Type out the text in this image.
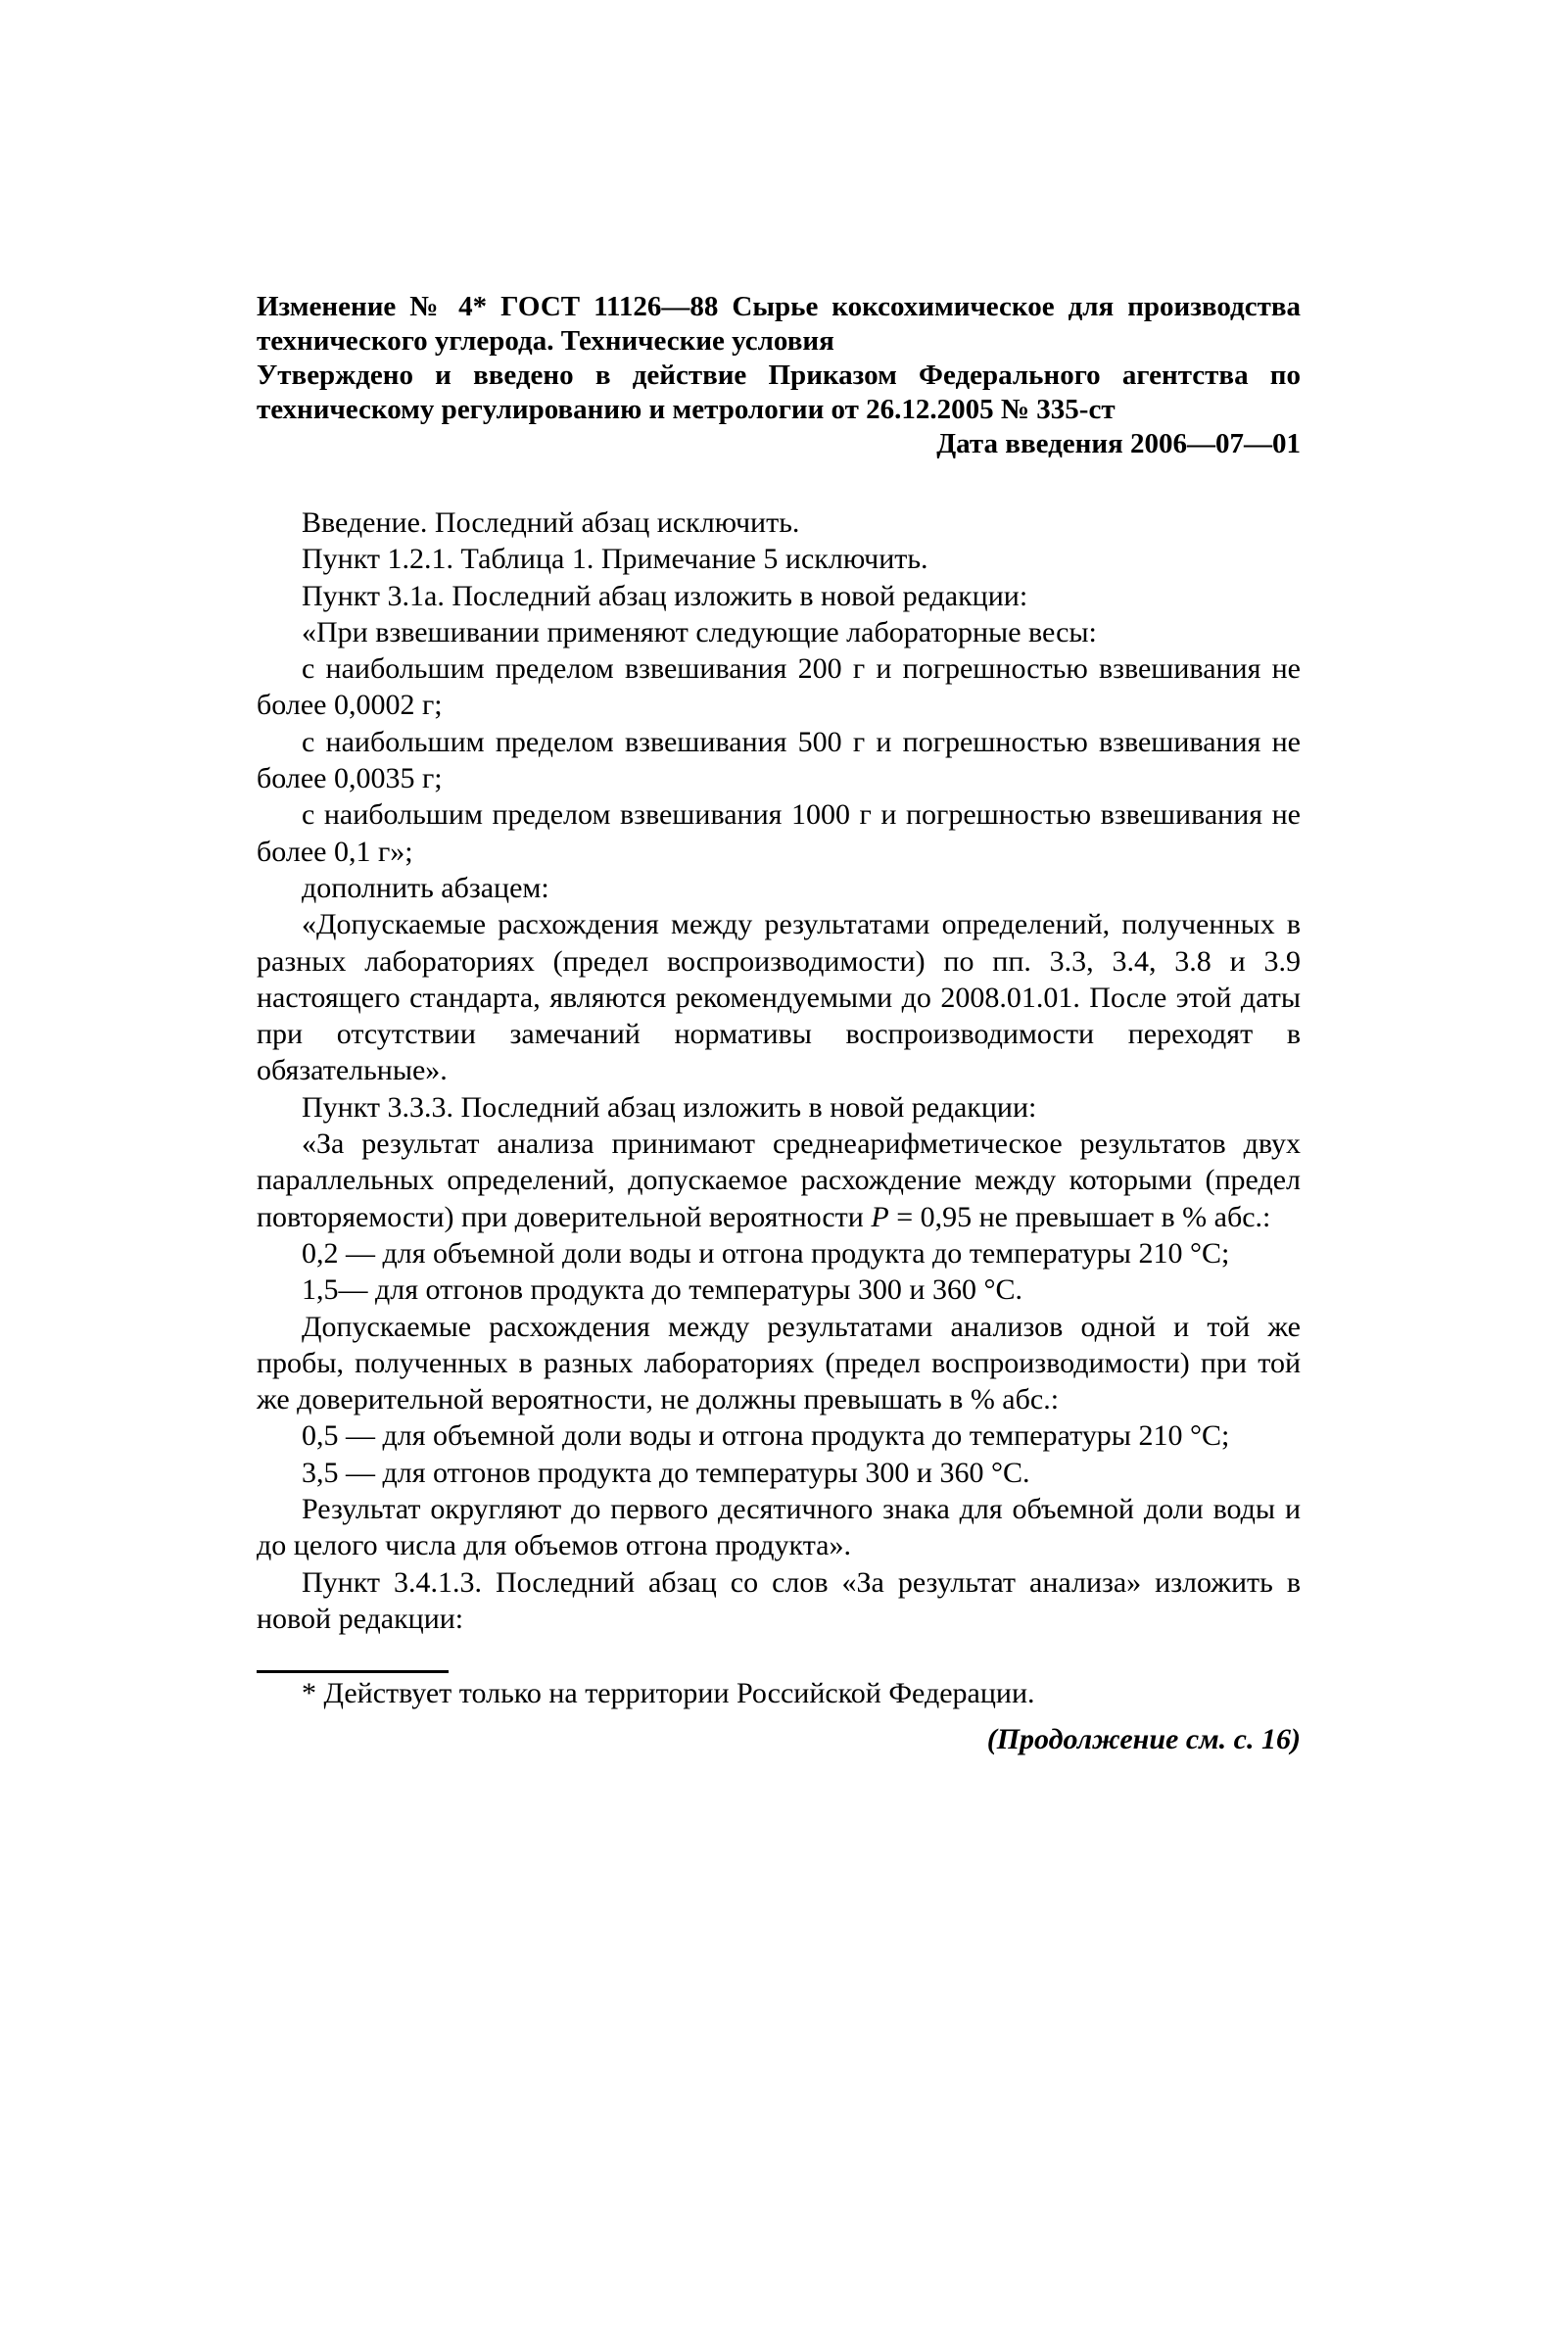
Изменение № 4* ГОСТ 11126—88 Сырье коксохимическое для производства технического углерода. Технические условия

Утверждено и введено в действие Приказом Федерального агентства по техническому регулированию и метрологии от 26.12.2005 № 335-ст

Дата введения 2006—07—01

Введение. Последний абзац исключить.

Пункт 1.2.1. Таблица 1. Примечание 5 исключить.

Пункт 3.1а. Последний абзац изложить в новой редакции:

«При взвешивании применяют следующие лабораторные весы:

с наибольшим пределом взвешивания 200 г и погрешностью взвешивания не более 0,0002 г;

с наибольшим пределом взвешивания 500 г и погрешностью взвешивания не более 0,0035 г;

с наибольшим пределом взвешивания 1000 г и погрешностью взвешивания не более 0,1 г»;

дополнить абзацем:

«Допускаемые расхождения между результатами определений, полученных в разных лабораториях (предел воспроизводимости) по пп. 3.3, 3.4, 3.8 и 3.9 настоящего стандарта, являются рекомендуемыми до 2008.01.01. После этой даты при отсутствии замечаний нормативы воспроизводимости переходят в обязательные».

Пункт 3.3.3. Последний абзац изложить в новой редакции:

«За результат анализа принимают среднеарифметическое результатов двух параллельных определений, допускаемое расхождение между которыми (предел повторяемости) при доверительной вероятности P = 0,95 не превышает в % абс.:

0,2 — для объемной доли воды и отгона продукта до температуры 210 °С;

1,5— для отгонов продукта до температуры 300 и 360 °С.

Допускаемые расхождения между результатами анализов одной и той же пробы, полученных в разных лабораториях (предел воспроизводимости) при той же доверительной вероятности, не должны превышать в % абс.:

0,5 — для объемной доли воды и отгона продукта до температуры 210 °С;

3,5 — для отгонов продукта до температуры 300 и 360 °С.

Результат округляют до первого десятичного знака для объемной доли воды и до целого числа для объемов отгона продукта».

Пункт 3.4.1.3. Последний абзац со слов «За результат анализа» изложить в новой редакции:

* Действует только на территории Российской Федерации.
(Продолжение см. с. 16)
